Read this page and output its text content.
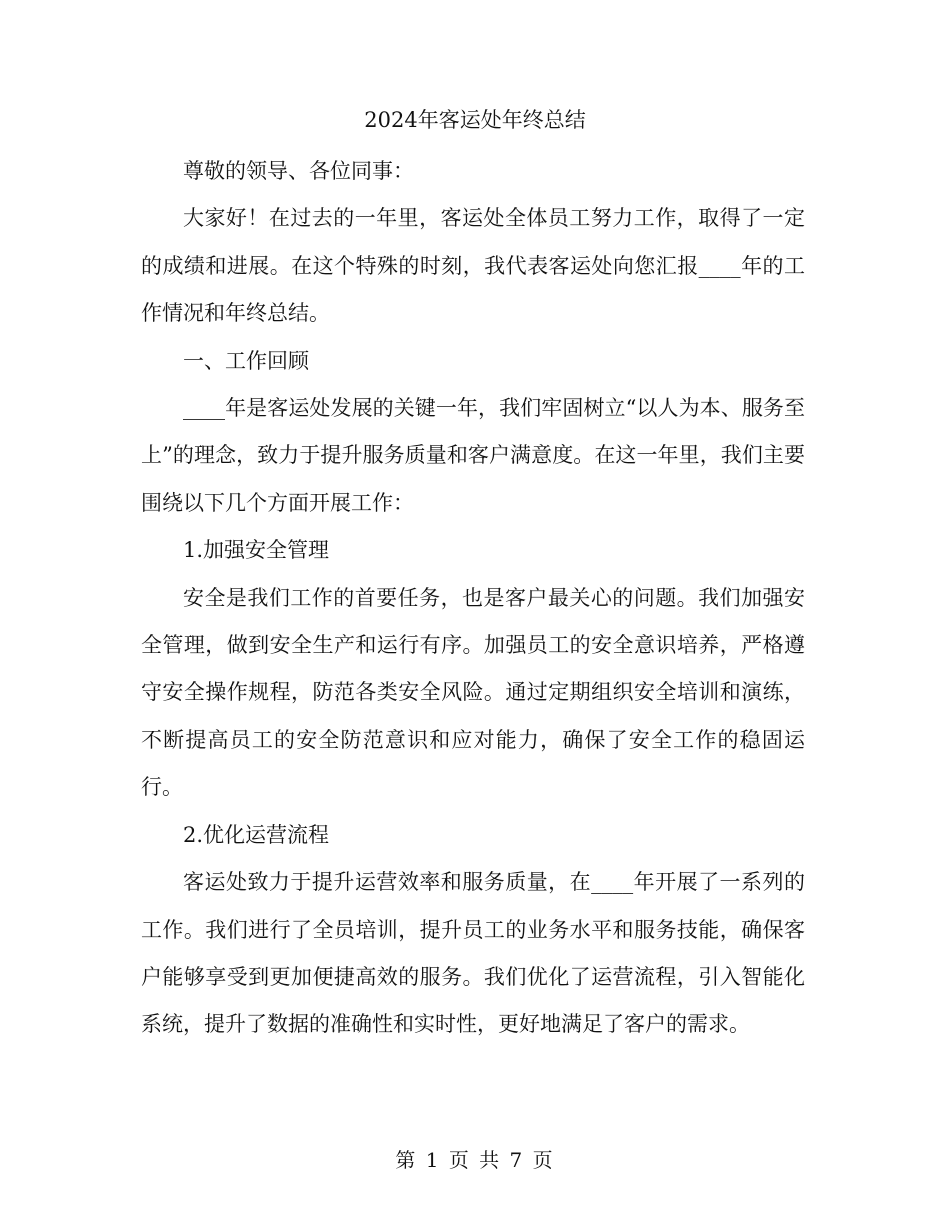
2024年客运处年终总结

尊敬的领导、各位同事：

大家好！在过去的一年里，客运处全体员工努力工作，取得了一定的成绩和进展。在这个特殊的时刻，我代表客运处向您汇报____年的工作情况和年终总结。

一、工作回顾

____年是客运处发展的关键一年，我们牢固树立“以人为本、服务至上”的理念，致力于提升服务质量和客户满意度。在这一年里，我们主要围绕以下几个方面开展工作：

1.加强安全管理

安全是我们工作的首要任务，也是客户最关心的问题。我们加强安全管理，做到安全生产和运行有序。加强员工的安全意识培养，严格遵守安全操作规程，防范各类安全风险。通过定期组织安全培训和演练，不断提高员工的安全防范意识和应对能力，确保了安全工作的稳固运行。

2.优化运营流程

客运处致力于提升运营效率和服务质量，在____年开展了一系列的工作。我们进行了全员培训，提升员工的业务水平和服务技能，确保客户能够享受到更加便捷高效的服务。我们优化了运营流程，引入智能化系统，提升了数据的准确性和实时性，更好地满足了客户的需求。

第 1 页 共 7 页
